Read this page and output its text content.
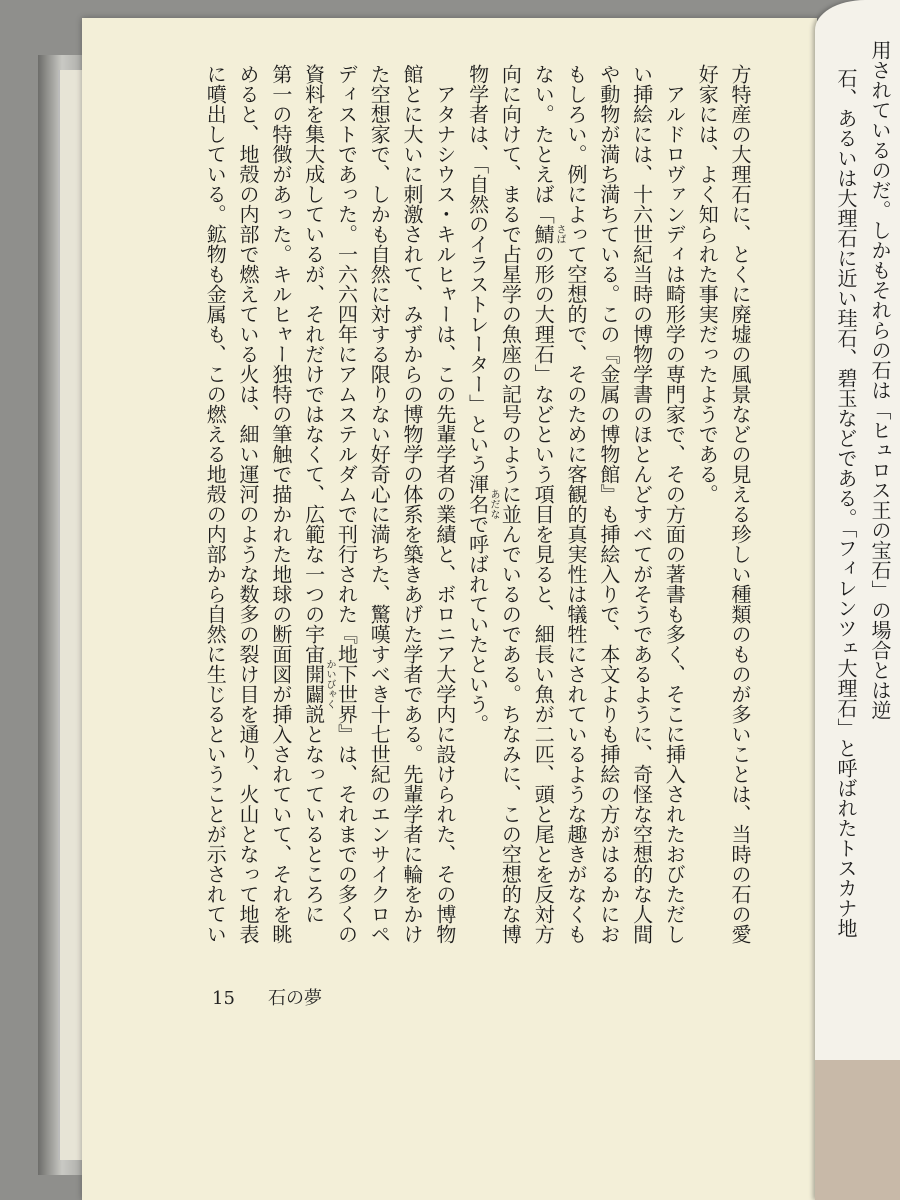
方特産の大理石に、とくに廃墟の風景などの見える珍しい種類のものが多いことは、当時の石の愛
好家には、よく知られた事実だったようである。
　アルドロヴァンディは畸形学の専門家で、その方面の著書も多く、そこに挿入されたおびただし
い挿絵には、十六世紀当時の博物学書のほとんどすべてがそうであるように、奇怪な空想的な人間
や動物が満ち満ちている。この『金属の博物館』も挿絵入りで、本文よりも挿絵の方がはるかにお
もしろい。例によって空想的で、そのために客観的真実性は犠牲にされているような趣きがなくも
ない。たとえば「鯖の形の大理石」などという項目を見ると、細長い魚が二匹、頭と尾とを反対方
向に向けて、まるで占星学の魚座の記号のように並んでいるのである。ちなみに、この空想的な博
物学者は、「自然のイラストレーター」という渾名で呼ばれていたという。
　アタナシウス・キルヒャーは、この先輩学者の業績と、ボロニア大学内に設けられた、その博物
館とに大いに刺激されて、みずからの博物学の体系を築きあげた学者である。先輩学者に輪をかけ
た空想家で、しかも自然に対する限りない好奇心に満ちた、驚嘆すべき十七世紀のエンサイクロペ
ディストであった。一六六四年にアムステルダムで刊行された『地下世界』は、それまでの多くの
資料を集大成しているが、それだけではなくて、広範な一つの宇宙開闢説となっているところに
第一の特徴があった。キルヒャー独特の筆触で描かれた地球の断面図が挿入されていて、それを眺
めると、地殻の内部で燃えている火は、細い運河のような数多の裂け目を通り、火山となって地表
に噴出している。鉱物も金属も、この燃える地殻の内部から自然に生じるということが示されてい	さば
あだな
かいびゃく
15 石の夢
用されているのだ。しかもそれらの石は「ヒュロス王の宝石」の場合とは逆
石、あるいは大理石に近い珪石、碧玉などである。「フィレンツェ大理石」と呼ばれたトスカナ地
